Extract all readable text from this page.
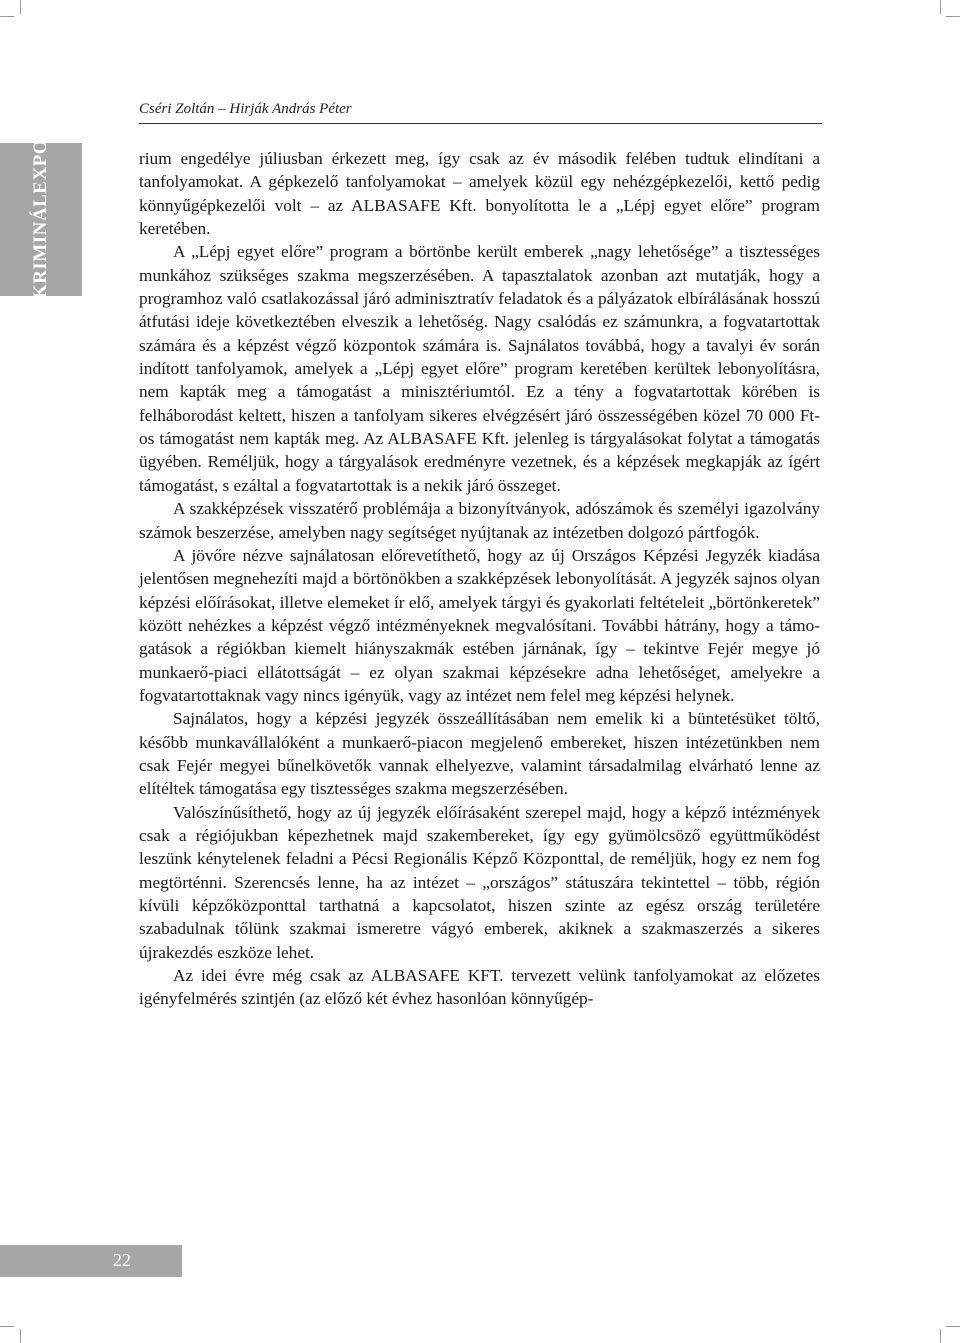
Cséri Zoltán – Hirják András Péter
KRIMINÁLEXPO	rium engedélye júliusban érkezett meg, így csak az év második felében tudtuk elindítani a tanfolyamokat. A gépkezelő tanfolyamokat – amelyek közül egy nehézgépkezelői, kettő pedig könnyűgépkezelői volt – az ALBASAFE Kft. bonyolította le a „Lépj egyet előre” program keretében.

A „Lépj egyet előre” program a börtönbe került emberek „nagy lehetősége” a tisztességes munkához szükséges szakma megszerzésében. A tapasztalatok azonban azt mutatják, hogy a programhoz való csatlakozással járó adminisztratív feladatok és a pályázatok elbírálásának hosszú átfutási ideje következtében elveszik a lehetőség. Nagy csalódás ez számunkra, a fogvatartottak számára és a képzést végző központok számára is. Sajnálatos továbbá, hogy a tavalyi év során indított tanfolyamok, amelyek a „Lépj egyet előre” program keretében kerültek lebonyolításra, nem kapták meg a támogatást a minisztériumtól. Ez a tény a fogvatartottak körében is felháborodást keltett, hiszen a tanfolyam sikeres elvégzésért járó összességében közel 70 000 Ft-os támogatást nem kapták meg. Az ALBASAFE Kft. jelenleg is tárgyalásokat folytat a támogatás ügyében. Reméljük, hogy a tárgyalások eredményre vezetnek, és a képzések megkapják az ígért támogatást, s ezáltal a fogvatartottak is a nekik járó összeget.

A szakképzések visszatérő problémája a bizonyítványok, adószámok és személyi igazolvány számok beszerzése, amelyben nagy segítséget nyújtanak az intézetben dolgozó pártfogók.

A jövőre nézve sajnálatosan előrevetíthető, hogy az új Országos Képzési Jegyzék kiadása jelentősen megnehezíti majd a börtönökben a szakképzések lebonyolítását. A jegyzék sajnos olyan képzési előírásokat, illetve elemeket ír elő, amelyek tárgyi és gyakorlati feltételeit „börtönkeretek” között nehézkes a képzést végző intézményeknek megvalósítani. További hátrány, hogy a támogatások a régiókban kiemelt hiányszakmák estében járnának, így – tekintve Fejér megye jó munkaerő-piaci ellátottságát – ez olyan szakmai képzésekre adna lehetőséget, amelyekre a fogvatartottaknak vagy nincs igényük, vagy az intézet nem felel meg képzési helynek.

Sajnálatos, hogy a képzési jegyzék összeállításában nem emelik ki a büntetésüket töltő, később munkavállalóként a munkaerő-piacon megjelenő embereket, hiszen intézetünkben nem csak Fejér megyei bűnelkövetők vannak elhelyezve, valamint társadalmilag elvárható lenne az elítéltek támogatása egy tisztességes szakma megszerzésében.

Valószínűsíthető, hogy az új jegyzék előírásaként szerepel majd, hogy a képző intézmények csak a régiójukban képezhetnek majd szakembereket, így egy gyümölcsöző együttműködést leszünk kénytelenek feladni a Pécsi Regionális Képző Központtal, de reméljük, hogy ez nem fog megtörténni. Szerencsés lenne, ha az intézet – „országos” státuszára tekintettel – több, régión kívüli képzőközponttal tarthatná a kapcsolatot, hiszen szinte az egész ország területére szabadulnak tőlünk szakmai ismeretre vágyó emberek, akiknek a szakmaszerzés a sikeres újrakezdés eszköze lehet.

Az idei évre még csak az ALBASAFE KFT. tervezett velünk tanfolyamokat az előzetes igényfelmérés szintjén (az előző két évhez hasonlóan könnyűgép-

22
